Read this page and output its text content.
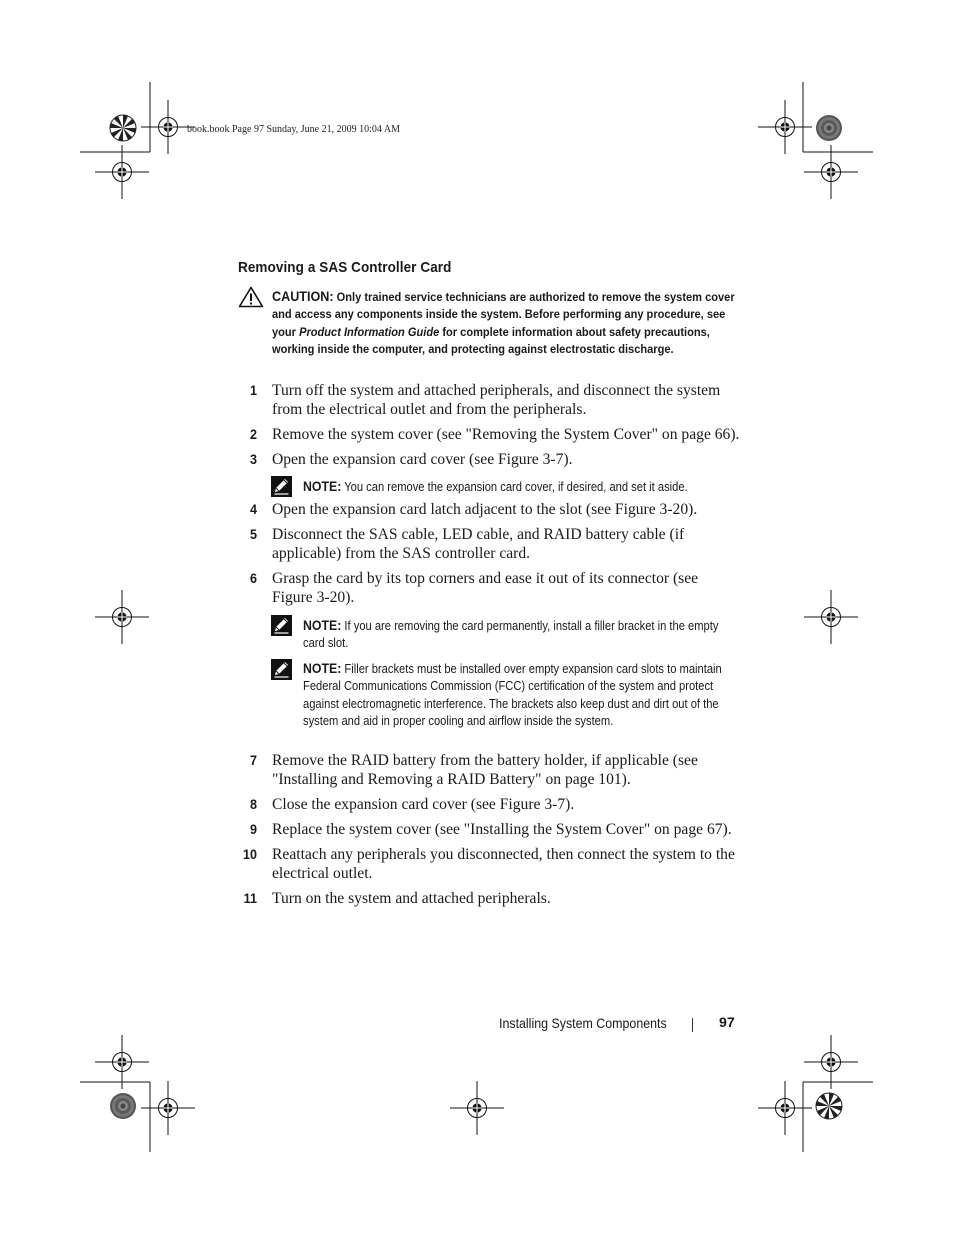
book.book Page 97 Sunday, June 21, 2009 10:04 AM
Removing a SAS Controller Card
CAUTION: Only trained service technicians are authorized to remove the system cover and access any components inside the system. Before performing any procedure, see your Product Information Guide for complete information about safety precautions, working inside the computer, and protecting against electrostatic discharge.
1 Turn off the system and attached peripherals, and disconnect the system from the electrical outlet and from the peripherals.
2 Remove the system cover (see "Removing the System Cover" on page 66).
3 Open the expansion card cover (see Figure 3-7).
NOTE: You can remove the expansion card cover, if desired, and set it aside.
4 Open the expansion card latch adjacent to the slot (see Figure 3-20).
5 Disconnect the SAS cable, LED cable, and RAID battery cable (if applicable) from the SAS controller card.
6 Grasp the card by its top corners and ease it out of its connector (see Figure 3-20).
NOTE: If you are removing the card permanently, install a filler bracket in the empty card slot.
NOTE: Filler brackets must be installed over empty expansion card slots to maintain Federal Communications Commission (FCC) certification of the system and protect against electromagnetic interference. The brackets also keep dust and dirt out of the system and aid in proper cooling and airflow inside the system.
7 Remove the RAID battery from the battery holder, if applicable (see "Installing and Removing a RAID Battery" on page 101).
8 Close the expansion card cover (see Figure 3-7).
9 Replace the system cover (see "Installing the System Cover" on page 67).
10 Reattach any peripherals you disconnected, then connect the system to the electrical outlet.
11 Turn on the system and attached peripherals.
Installing System Components	97
